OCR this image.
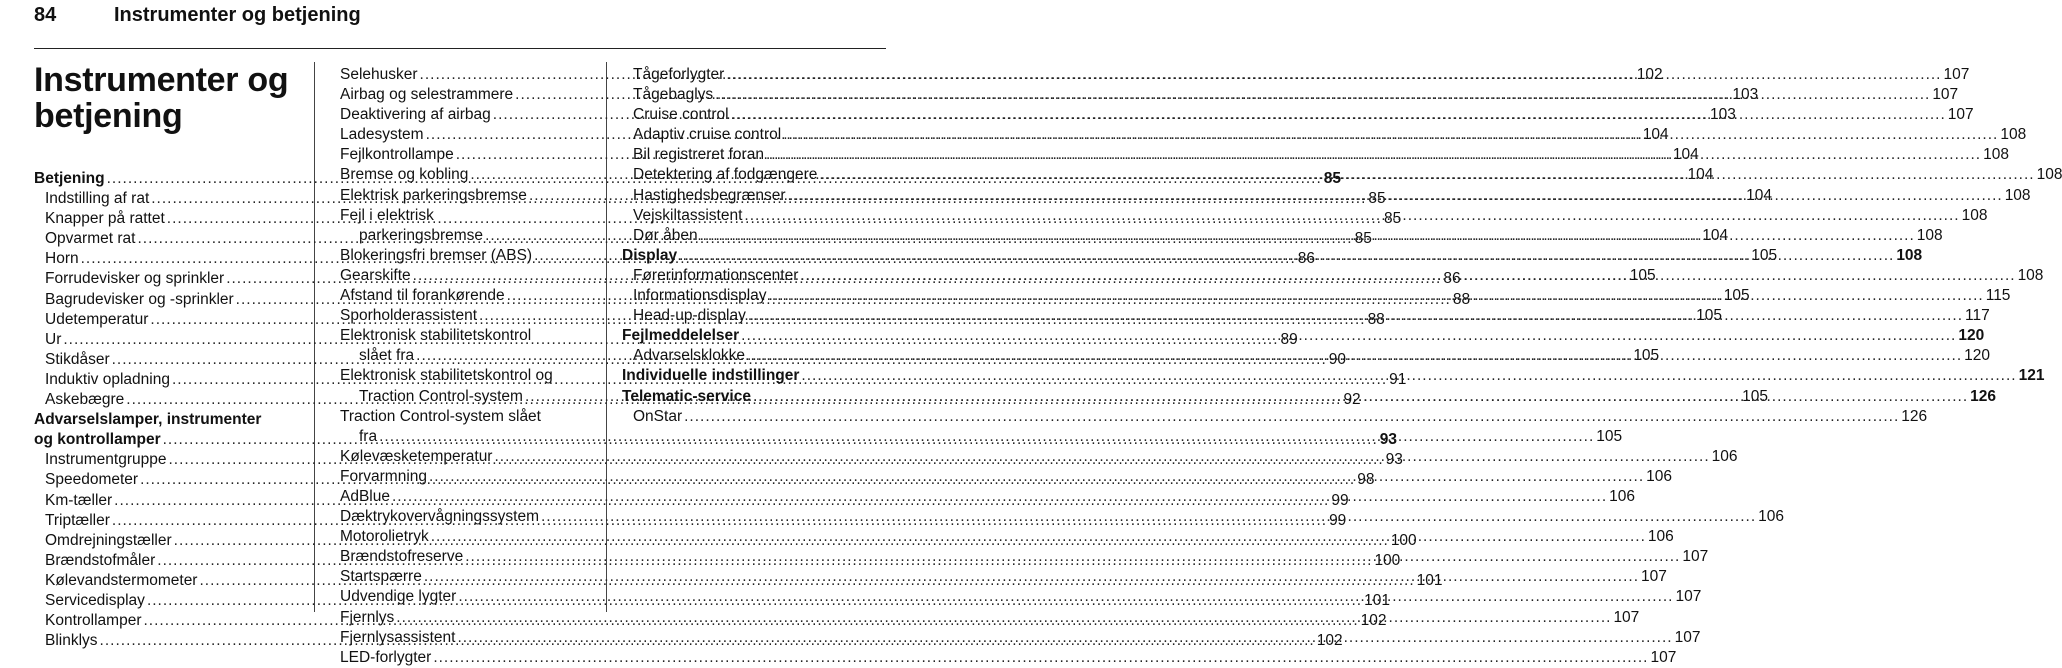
84	Instrumenter og betjening
Instrumenter og
betjening
Betjening .....	85
Indstilling af rat .....	85
Knapper på rattet .....	85
Opvarmet rat .....	85
Horn .....	86
Forrudevisker og sprinkler .....	86
Bagrudevisker og -sprinkler .....	88
Udetemperatur .....	88
Ur .....	89
Stikdåser .....	90
Induktiv opladning .....	91
Askebægre .....	92
Advarselslamper, instrumenter
og kontrollamper .....	93
Instrumentgruppe .....	93
Speedometer .....	98
Km-tæller .....	99
Triptæller .....	99
Omdrejningstæller .....	100
Brændstofmåler .....	100
Kølevandstermometer .....	101
Servicedisplay .....	101
Kontrollamper .....	102
Blinklys .....	102
Selehusker .....	102
Airbag og selestrammere .....	103
Deaktivering af airbag .....	103
Ladesystem .....	104
Fejlkontrollampe .....	104
Bremse og kobling .....	104
Elektrisk parkeringsbremse .....	104
Fejl i elektrisk
parkeringsbremse .....	104
Blokeringsfri bremser (ABS) .....	105
Gearskifte .....	105
Afstand til forankørende .....	105
Sporholderassistent .....	105
Elektronisk stabilitetskontrol
slået fra .....	105
Elektronisk stabilitetskontrol og
Traction Control-system .....	105
Traction Control-system slået
fra .....	105
Kølevæsketemperatur .....	106
Forvarmning .....	106
AdBlue .....	106
Dæktrykovervågningssystem .....	106
Motorolietryk .....	106
Brændstofreserve .....	107
Startspærre .....	107
Udvendige lygter .....	107
Fjernlys .....	107
Fjernlysassistent .....	107
LED-forlygter .....	107
Tågeforlygter .....	107
Tågebaglys .....	107
Cruise control .....	107
Adaptiv cruise control .....	108
Bil registreret foran .....	108
Detektering af fodgængere .....	108
Hastighedsbegrænser .....	108
Vejskiltassistent .....	108
Dør åben .....	108
Display .....	108
Førerinformationscenter .....	108
Informationsdisplay .....	115
Head-up-display .....	117
Fejlmeddelelser .....	120
Advarselsklokke .....	120
Individuelle indstillinger .....	121
Telematic-service .....	126
OnStar .....	126
